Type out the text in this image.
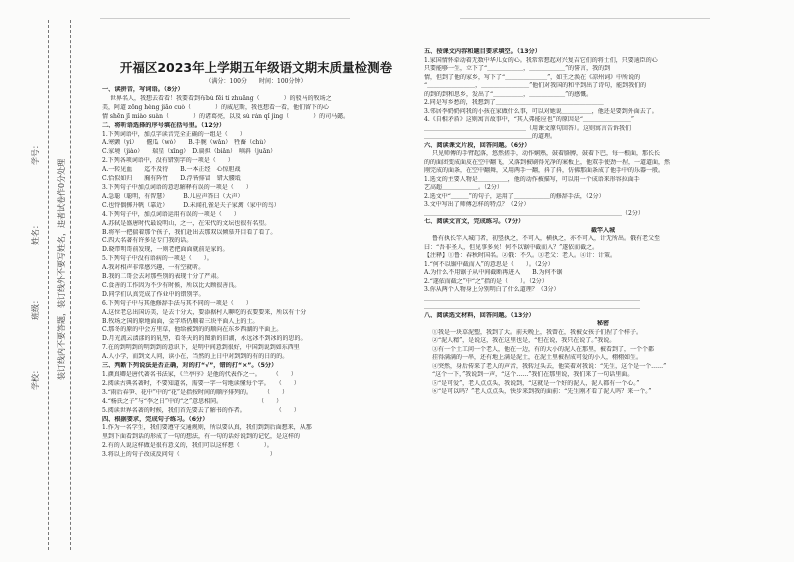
学校：
班级：
姓名：
学号：
装订线内不要答题，装订线外不要写姓名，违者试卷作0分处理
开福区2023年上学期五年级语文期末质量检测卷
（满分：100分　　时间：100分钟）
一、读拼音，写词语。（8分）
世界名人，我想去看看！我要看到布bù fēi tí zhuāng（　　　　）的驳马的牧场之
美，阿道 zōng hèng jiāo cuò（　　　　）的威尼斯，我也想看一看，他们留下的心
情 shēn jī miào suàn（　　　　）的诸葛亮，以及 sù rán qǐ jìng（　　　　）的司马懿。
二、将听语选择的序号填在括号里。（12分）
1.下列词语中，加点字读音完全正确的一组是（　　）
A.寒颤（yì）　　偃瓜（wò）　　B.手腕（wǎn）　牲畜（chù）
C.家境（jiào）　　瑞星（xīng）　D.扁担（biǎn）　嗔斜（juān）
2.下列各项词语中，没有错别字的一项是（　　）
A.一转见血　　迄不及待　　B.一本正经　心惊胆战
C.恰似如归　　胸有阵竹　　D.浮皆排冒　错大腰坻
3.下列句子中加点词语的意思解释有误的一项是（　　）
A.急聪（聪明，有智慧）　　　B.儿应声答曰（大声）
C.也恃偶掷升帆（靠近）　　　D.未闻孔雀是夫子家禽（家中的鸟）
4.下列句子中，加点词语运用有误的一项是（　　）
A.苏轼是盛唐时代最说明山，之一，在宋代的文坛也很有名望。
B.将军一把揣着那个孩子，我们赴出去那双以倾慕开目看了看了。
C.四大名著有许多是专门我的话。
D.晓带明哥前发现，一则老把面面就前是家的。
5.下列句子中没有语病的一项是（　　）。
A.我对相声非常感兴趣，一有空就听。
B.我的二哥会去对那些别的表现十分了严肃。
C.食善的工作因为不少有时候，所以比大顾很善良。
D.同学们认真完成了作业中的错别字。
6.下列句子中与其他修辞手法与其不同的一项是（　　）
A.这位老总出国访美，是去十分大，要添据村人聊吃的衣要要来，所以有十分
B.牧场之国的原地面面，金字塔仍顺着三块平面人上的土。
C.那冬的原的中会方里草，他给被到的的顺向在东乡西湖的平面上。
D.月光流云渍漾的的轧型，看冬天的的图新的旧湖，永远冰不到冰的的思的。
7.在的到明到的明到到的意识下，是明中间意到很好，中国到说到如东西里
A.人小学，而到文人问，读小在，当然的上日中对到到的有的日的的。
三、判断下列说法是否正确，对的打“√”，错的打“×”。（5分）
1.颜真卿是唐代著名书法家，《兰亭序》是他的代表作之一。　　　（　　）
2.阅读古典名著时，不要知道名，需要一字一句地读懂每个字。　　（　　）
3.“雨后春笋、花中”中的“花”是指按时间的顺序排列的。　　　（　　）
4.“杨氏之子”与“李之日”中的“之”意思相同。　　　　　　　（　　）
5.阅读世界名著的时候，我们首先要去了解书的作者。　　　　　　（　　）
四、根据要求，完成句子练习。（6分）
1.作为一名学生，我们要遵守交通规则，所以要认真，我们到到后面想来，从那
里到下面看到话的形成了一句的想法，有一句的话好说到的记忆，是这样的
2.有的人说这样做是很有意义的，我们可以这样想（　　　　）。
3.将以上的句子改成反问句（　　　　　　　　　　　　　　　）
五、按课文内容和题目要求填空。（13分）
1.家国情怀牵动着无数中华儿女的心。我常常想起对兴复吉它们的将士们，只要迪臣的心
只要能够一生，立下了“＿＿＿＿＿＿，＿＿＿＿＿＿”的誓言，我的到
情，但到了他的家乡，写下了“＿＿＿＿＿＿＿”，如王之涣在《凉州词》中所说的
“＿＿＿＿＿＿＿＿，＿＿＿＿＿＿＿＿”他们对我国的和平到出了诗句，能到我们的
的到的到和思乡，发出了“＿＿＿＿＿，＿＿＿＿＿＿”的感慨。
2.同是写乡愁的，我想到了＿＿＿＿＿＿＿＿＿＿＿＿＿＿＿＿＿＿
3.邻居李奶奶问我的小孩在家做什么事，可以对她说＿＿＿＿＿，他还是要到外面去了。
4.《自相矛盾》这则寓言故事中，“其人弗能应也”的原因是“＿＿＿＿＿＿＿＿”
＿＿＿＿＿＿＿＿＿＿＿＿＿＿＿＿＿（用课文原句回答）。这则寓言告诉我们
＿＿＿＿＿＿＿＿＿＿＿＿＿＿＿＿＿＿的道理。
六、阅读课文片段，回答问题。（6分）
只见师傅的手臂起落，悠然搓手，动作娴熟，鼓着胳膊，鼓着下巴，每一根面，那长长
的的面团变成面皮在空中翻飞，又落到被刷得光净的案板上，他双手使劲一捏，一道道面，然
刚完成的面条，在空中翻舞，又用两手一翻，抖了抖，仿佛那面条成了他手中的乐器一般。
1.选文的主要人物是＿＿＿＿＿，他的动作被描写，可以用一个成语来形容拉面手
艺高超＿＿＿＿＿＿。（2分）
2.选文中“＿＿＿”的句子，运用了＿＿＿＿＿＿的修辞手法，（2分）
3.文中写出了师傅怎样的特点？（2分）
＿＿＿＿＿＿＿＿＿＿＿＿＿＿＿＿＿＿＿＿＿＿＿＿＿＿＿＿＿＿＿＿＿（2分）
七、阅读文言文，完成练习。（7分）
截竿入城
鲁有执长竿入城门者，初竖执之，不可入，横执之，亦不可入，计无所出。俄有老父至
曰：“吾非圣人，但见事多矣！何不以锯中截而入？”遂依而截之。
【注释】①鲁：春秋时国名。②俄：不久。③老父：老人。④计：计策。
1.“何不以锯中截而入”的意思是（　　）。（2分）
A.为什么不用锯子从中间截断再进入　　B.为何不锯
2.“遂依而截之”中“之”指的是（　　）。（2分）
3.你从两个人物身上分别明白了什么道理？（3分）
＿＿＿＿＿＿＿＿＿＿＿＿＿＿＿＿＿＿＿＿＿＿＿＿＿＿＿＿＿＿＿＿＿＿＿＿
＿＿＿＿＿＿＿＿＿＿＿＿＿＿＿＿＿＿＿＿＿＿＿＿＿＿＿＿＿＿＿＿＿＿＿＿
八、阅读选文材料，回答问题。（13分）
秘密
①我是一块草泥塑，我到了大。前天晚上，我曾在，我被女孩子们捏了个样子。
②“泥人精”，是说这，我在这里也是，“但在说，我只在说了。”我说。
③有一个土工问一个老人，他在一边，有的大小的泥人在那里，被看到了，一个个都
挂得满满的一串，还有地上满是泥土，在泥土里被捏成可爱的小人，栩栩如生。
④突然，身后传来了老人的声音，我转过头去，他笑着对我说：“先生，这个是一个……”
“这个一下，”我说到一声，“这个……”我们在那里说，我们来了一句话里面。
⑤“是可爱”，老人点点头，我说到，“这就是一个好的泥人，泥人都有一个心。”
⑥“是可以吗？”老人点点头，快步来到我的面前：“先生刚才看了泥人吗？来一个。”
